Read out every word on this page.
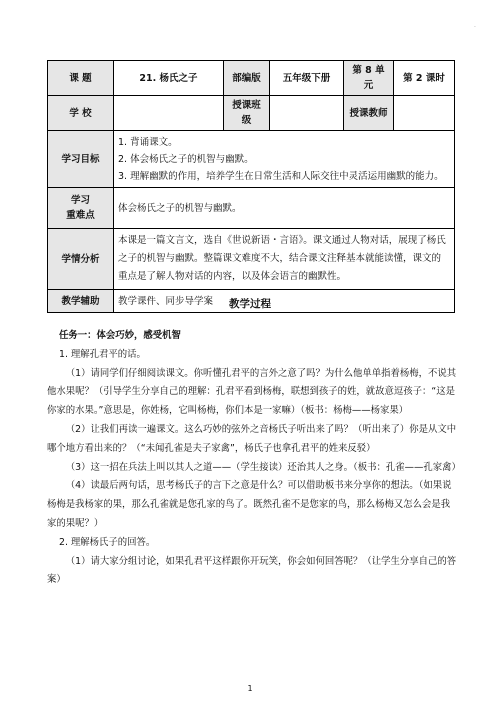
.
课 题	21. 杨氏之子	部编版	五年级下册	第 8 单元	第 2 课时
学 校		授课班级		授课教师	
学习目标	1. 背诵课文。
2. 体会杨氏之子的机智与幽默。
3. 理解幽默的作用，培养学生在日常生活和人际交往中灵活运用幽默的能力。				

学习
重难点	体会杨氏之子的机智与幽默。				
学情分析	本课是一篇文言文，选自《世说新语・言语》。课文通过人物对话，展现了杨氏之子的机智与幽默。整篇课文难度不大，结合课文注释基本就能读懂，课文的重点是了解人物对话的内容，以及体会语言的幽默性。				
教学辅助	教学课件、同步导学案					教学过程

任务一：体会巧妙，感受机智

1. 理解孔君平的话。

（1）请同学们仔细阅读课文。你听懂孔君平的言外之意了吗？为什么他单单指着杨梅，不说其他水果呢？（引导学生分享自己的理解：孔君平看到杨梅，联想到孩子的姓，就故意逗孩子：“这是你家的水果。”意思是，你姓杨，它叫杨梅，你们本是一家嘛）（板书：杨梅——杨家果）

（2）让我们再读一遍课文。这么巧妙的弦外之音杨氏子听出来了吗？（听出来了）你是从文中哪个地方看出来的？（“未闻孔雀是夫子家禽”，杨氏子也拿孔君平的姓来反驳）

（3）这一招在兵法上叫以其人之道——（学生接读）还治其人之身。（板书：孔雀——孔家禽）

（4）读最后两句话，思考杨氏子的言下之意是什么？可以借助板书来分享你的想法。（如果说杨梅是我杨家的果，那么孔雀就是您孔家的鸟了。既然孔雀不是您家的鸟，那么杨梅又怎么会是我家的果呢？）

2. 理解杨氏子的回答。

（1）请大家分组讨论，如果孔君平这样跟你开玩笑，你会如何回答呢？（让学生分享自己的答案）

1
